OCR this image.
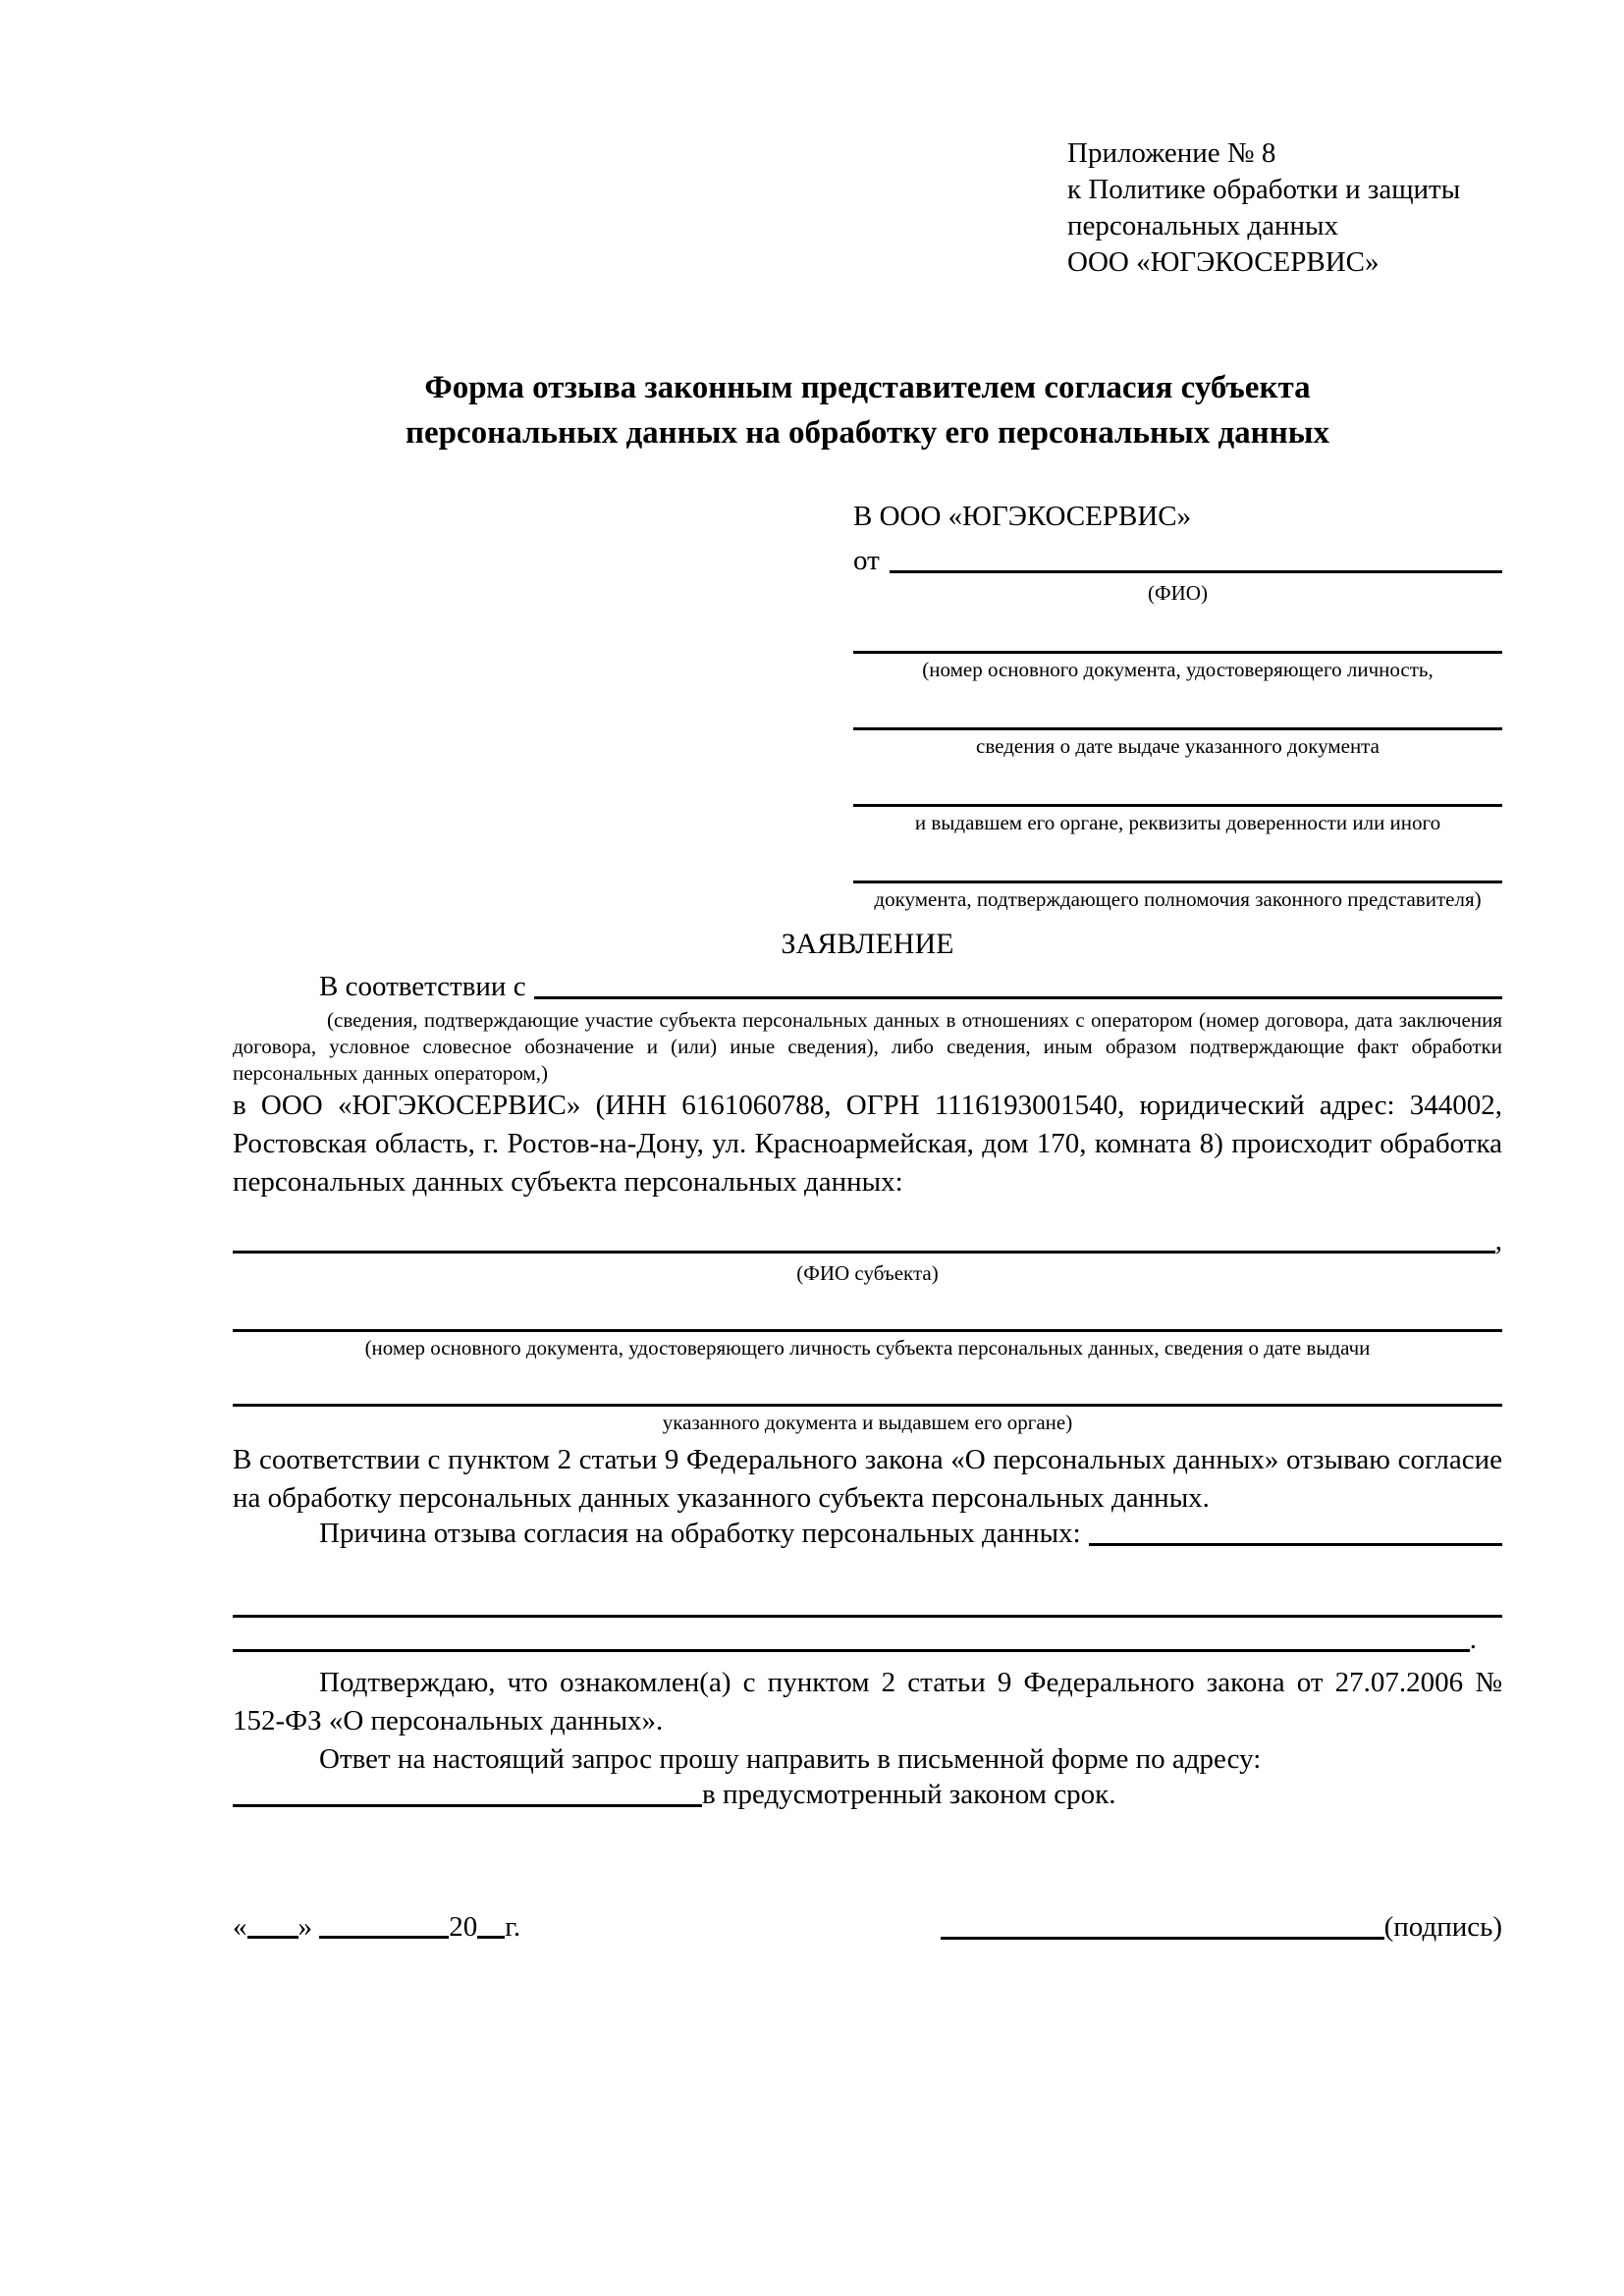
Приложение № 8
к Политике обработки и защиты
персональных данных
ООО «ЮГЭКОСЕРВИС»
Форма отзыва законным представителем согласия субъекта персональных данных на обработку его персональных данных
В ООО «ЮГЭКОСЕРВИС»
от
(ФИО)
(номер основного документа, удостоверяющего личность,
сведения о дате выдаче указанного документа
и выдавшем его органе, реквизиты доверенности или иного
документа, подтверждающего полномочия законного представителя)
ЗАЯВЛЕНИЕ
В соответствии с
(сведения, подтверждающие участие субъекта персональных данных в отношениях с оператором (номер договора, дата заключения договора, условное словесное обозначение и (или) иные сведения), либо сведения, иным образом подтверждающие факт обработки персональных данных оператором,)
в ООО «ЮГЭКОСЕРВИС» (ИНН 6161060788, ОГРН 1116193001540, юридический адрес: 344002, Ростовская область, г. Ростов-на-Дону, ул. Красноармейская, дом 170, комната 8) происходит обработка персональных данных субъекта персональных данных:
,
(ФИО субъекта)
(номер основного документа, удостоверяющего личность субъекта персональных данных, сведения о дате выдачи
указанного документа и выдавшем его органе)
В соответствии с пунктом 2 статьи 9 Федерального закона «О персональных данных» отзываю согласие на обработку персональных данных указанного субъекта персональных данных.
Причина отзыва согласия на обработку персональных данных:
.
Подтверждаю, что ознакомлен(а) с пунктом 2 статьи 9 Федерального закона от 27.07.2006 № 152-ФЗ «О персональных данных».
Ответ на настоящий запрос прошу направить в письменной форме по адресу:
в предусмотренный законом срок.
« »	20 г.	(подпись)
